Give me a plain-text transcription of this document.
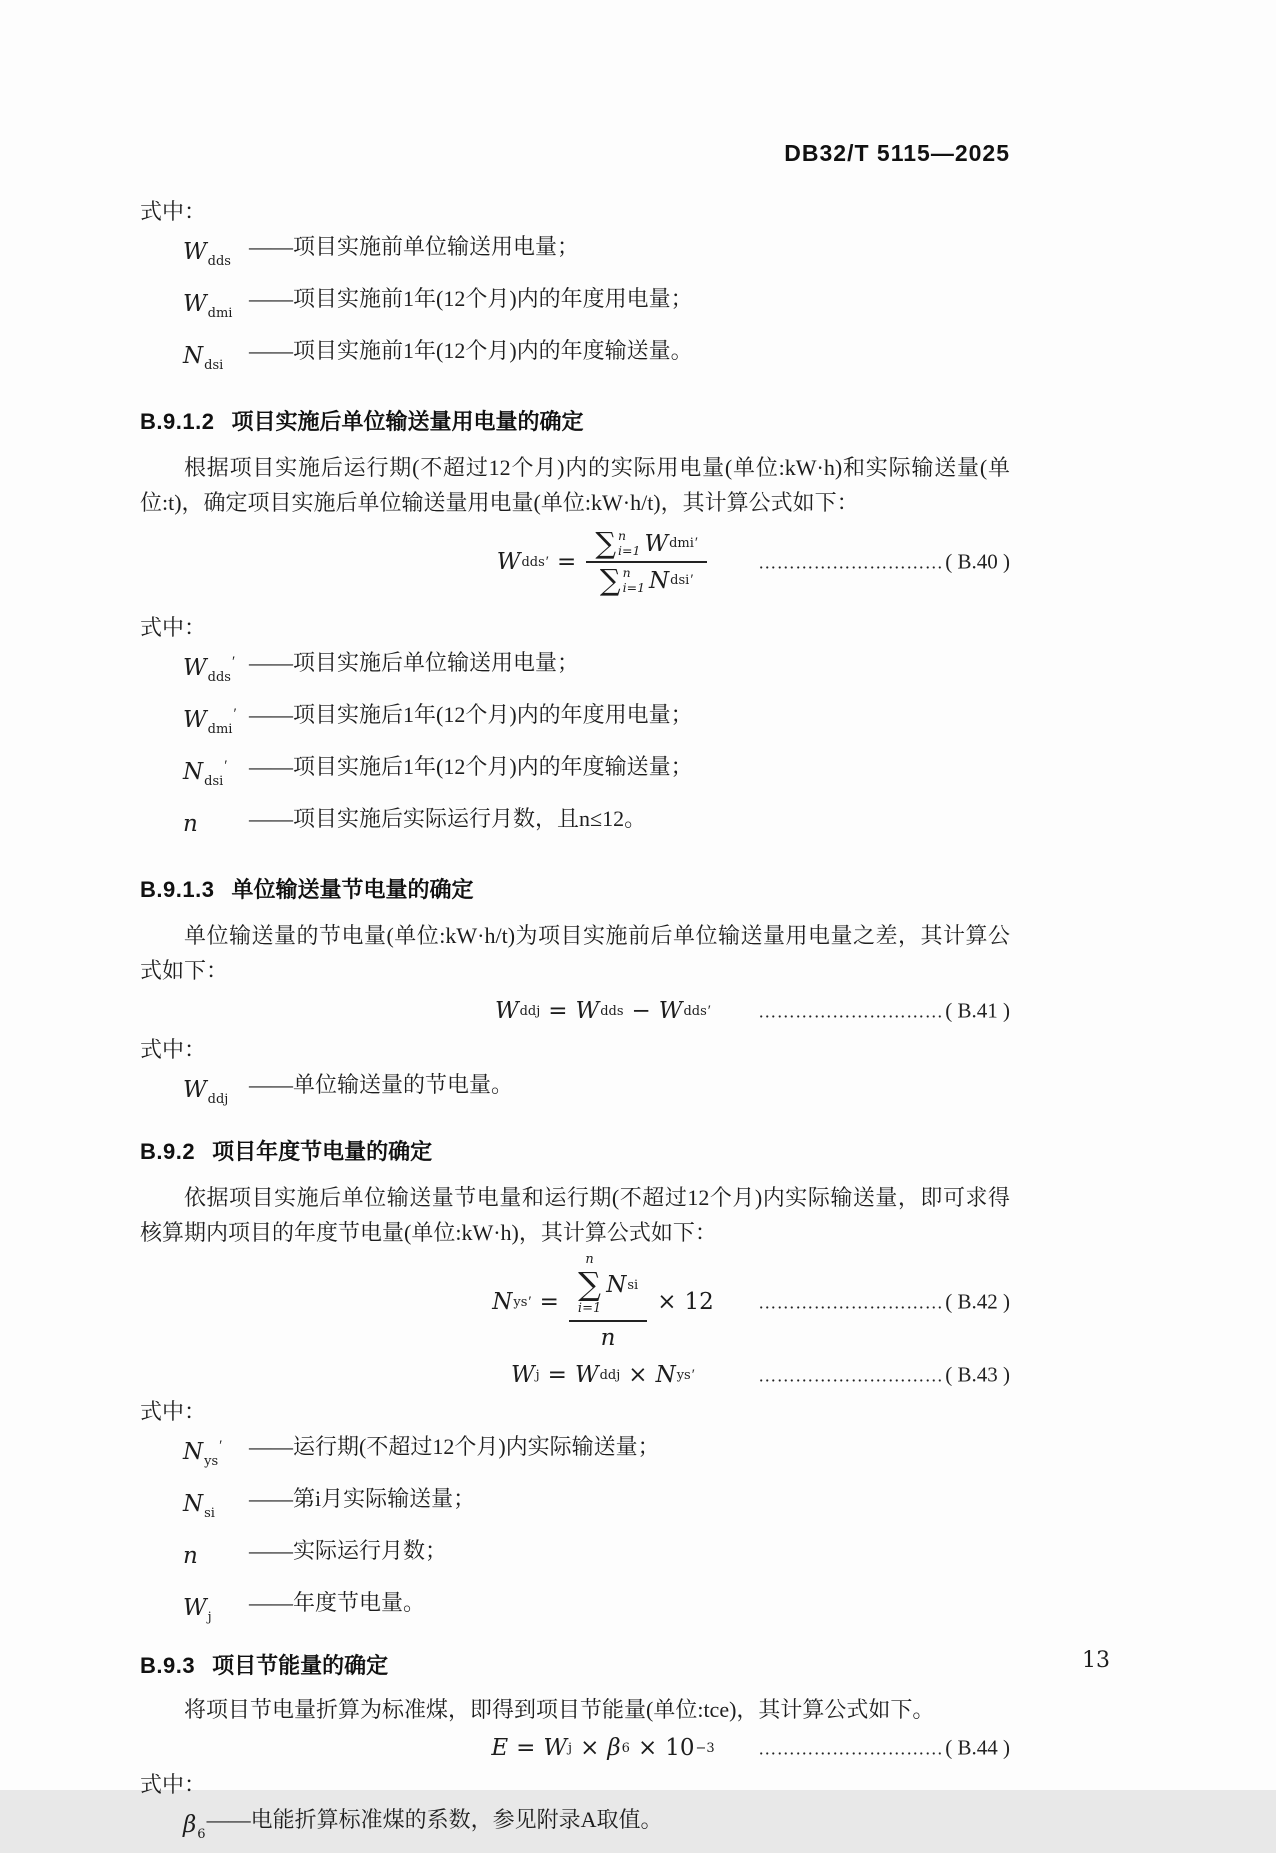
DB32/T 5115—2025
式中：
$W_{dds}$
——项目实施前单位输送用电量；
$W_{dmi}$
——项目实施前1年(12个月)内的年度用电量；
$N_{dsi}$
——项目实施前1年(12个月)内的年度输送量。
B.9.1.2 项目实施后单位输送量用电量的确定

根据项目实施后运行期(不超过12个月)内的实际用电量(单位:kW·h)和实际输送量(单位:t)，确定项目实施后单位输送量用电量(单位:kW·h/t)，其计算公式如下：

W dds ′ = ∑ n
i=1 W dmi ′
∑ n
i=1 N dsi ′	………………………… ( B.40 )
式中：
$W_{dds}'$ ——项目实施后单位输送用电量；
$W_{dmi}'$ ——项目实施后1年(12个月)内的年度用电量；
$N_{dsi}'$ ——项目实施后1年(12个月)内的年度输送量；
n	——项目实施后实际运行月数，且n≤12。
B.9.1.3 单位输送量节电量的确定

单位输送量的节电量(单位:kW·h/t)为项目实施前后单位输送量用电量之差，其计算公式如下：

W ddj = W dds − W dds ′	………………………… ( B.41 )
式中：
$W_{ddj}$
——单位输送量的节电量。
B.9.2 项目年度节电量的确定

依据项目实施后单位输送量节电量和运行期(不超过12个月)内实际输送量，即可求得核算期内项目的年度节电量(单位:kW·h)，其计算公式如下：

N ys ′ = n
∑
i=1
N si
n × 12 ………………………… ( B.42 )
W j = W ddj × N ys ′	………………………… ( B.43 )
式中：
$N_{ys}'$	——运行期(不超过12个月)内实际输送量；
$N_{si}$
——第i月实际输送量；
n	——实际运行月数；
$W_j$
——年度节电量。
B.9.3 项目节能量的确定

将项目节电量折算为标准煤，即得到项目节能量(单位:tce)，其计算公式如下。

E = W j × β 6 × 10 −3 ………………………… ( B.44 )
式中：
$\beta_6$
——电能折算标准煤的系数，参见附录A取值。
13
